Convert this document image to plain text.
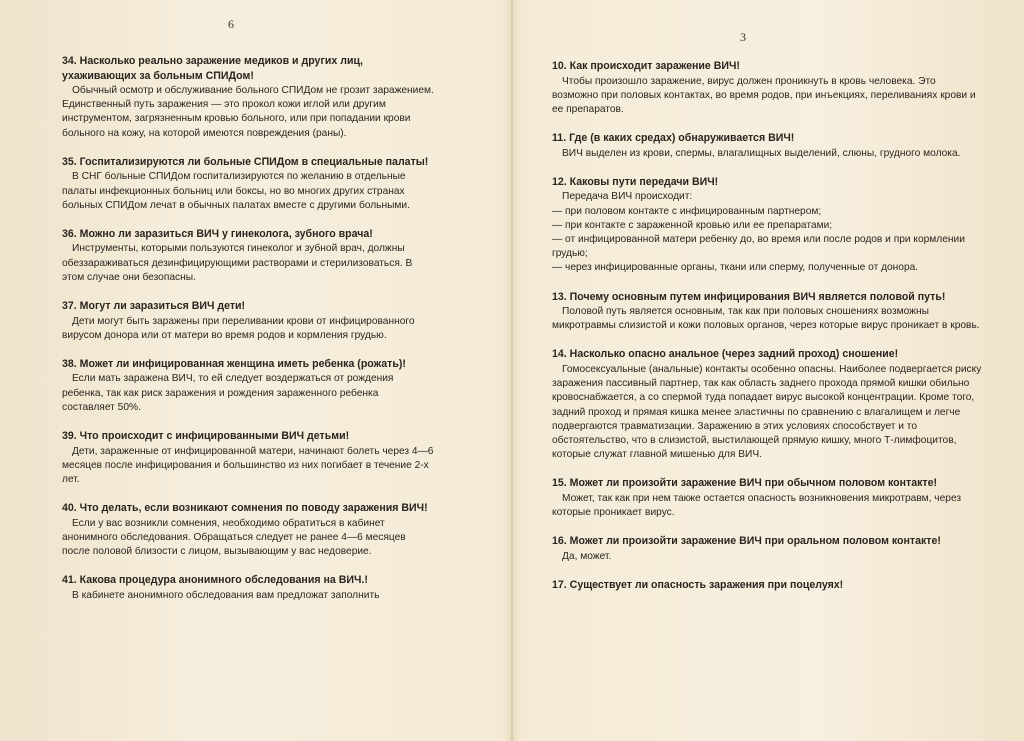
6

34. Насколько реально заражение медиков и других лиц, ухаживающих за больным СПИДом!

Обычный осмотр и обслуживание больного СПИДом не грозит заражением. Единственный путь заражения — это прокол кожи иглой или другим инструментом, загрязненным кровью больного, или при попадании крови больного на кожу, на которой имеются повреждения (раны).

35. Госпитализируются ли больные СПИДом в специальные палаты!

В СНГ больные СПИДом госпитализируются по желанию в отдельные палаты инфекционных больниц или боксы, но во многих других странах больных СПИДом лечат в обычных палатах вместе с другими больными.

36. Можно ли заразиться ВИЧ у гинеколога, зубного врача!

Инструменты, которыми пользуются гинеколог и зубной врач, должны обеззараживаться дезинфицирующими растворами и стерилизоваться. В этом случае они безопасны.

37. Могут ли заразиться ВИЧ дети!

Дети могут быть заражены при переливании крови от инфицированного вирусом донора или от матери во время родов и кормления грудью.

38. Может ли инфицированная женщина иметь ребенка (рожать)!

Если мать заражена ВИЧ, то ей следует воздержаться от рождения ребенка, так как риск заражения и рождения зараженного ребенка составляет 50%.

39. Что происходит с инфицированными ВИЧ детьми!

Дети, зараженные от инфицированной матери, начинают болеть через 4—6 месяцев после инфицирования и большинство из них погибает в течение 2-х лет.

40. Что делать, если возникают сомнения по поводу заражения ВИЧ!

Если у вас возникли сомнения, необходимо обратиться в кабинет анонимного обследования. Обращаться следует не ранее 4—6 месяцев после половой близости с лицом, вызывающим у вас недоверие.

41. Какова процедура анонимного обследования на ВИЧ.!

В кабинете анонимного обследования вам предложат заполнить

3

10. Как происходит заражение ВИЧ!

Чтобы произошло заражение, вирус должен проникнуть в кровь человека. Это возможно при половых контактах, во время родов, при инъекциях, переливаниях крови и ее препаратов.

11. Где (в каких средах) обнаруживается ВИЧ!

ВИЧ выделен из крови, спермы, влагалищных выделений, слюны, грудного молока.

12. Каковы пути передачи ВИЧ!

Передача ВИЧ происходит:

— при половом контакте с инфицированным партнером;
— при контакте с зараженной кровью или ее препаратами;
— от инфицированной матери ребенку до, во время или после родов и при кормлении грудью;
— через инфицированные органы, ткани или сперму, полученные от донора.

13. Почему основным путем инфицирования ВИЧ является половой путь!

Половой путь является основным, так как при половых сношениях возможны микротравмы слизистой и кожи половых органов, через которые вирус проникает в кровь.

14. Насколько опасно анальное (через задний проход) сношение!

Гомосексуальные (анальные) контакты особенно опасны. Наиболее подвергается риску заражения пассивный партнер, так как область заднего прохода прямой кишки обильно кровоснабжается, а со спермой туда попадает вирус высокой концентрации. Кроме того, задний проход и прямая кишка менее эластичны по сравнению с влагалищем и легче подвергаются травматизации. Заражению в этих условиях способствует и то обстоятельство, что в слизистой, выстилающей прямую кишку, много Т-лимфоцитов, которые служат главной мишенью для ВИЧ.

15. Может ли произойти заражение ВИЧ при обычном половом контакте!

Может, так как при нем также остается опасность возникновения микротравм, через которые проникает вирус.

16. Может ли произойти заражение ВИЧ при оральном половом контакте!

Да, может.

17. Существует ли опасность заражения при поцелуях!
